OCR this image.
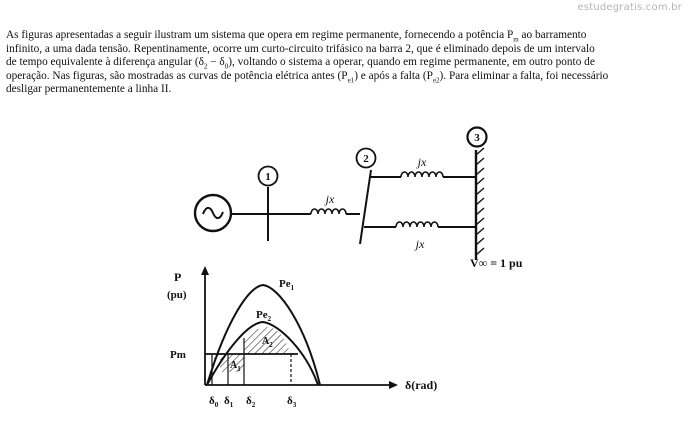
estudegratis.com.br
As figuras apresentadas a seguir ilustram um sistema que opera em regime permanente, fornecendo a potência $P_m$ ao barramento
infinito, a uma dada tensão. Repentinamente, ocorre um curto-circuito trifásico na barra 2, que é eliminado depois de um intervalo
de tempo equivalente à diferença angular $(\delta_2 - \delta_0)$, voltando o sistema a operar, quando em regime permanente, em outro ponto de
operação. Nas figuras, são mostradas as curvas de potência elétrica antes $(P_{e1})$ e após a falta $(P_{e2})$. Para eliminar a falta, foi necessário
desligar permanentemente a linha II.
1
2
3
jx
jx
jx
V∞ = 1 pu
P
(pu)
Pm
$Pe_1$
$Pe_2$
$A_1$
$A_2$
δ(rad)
$\delta_0$ $\delta_1$ $\delta_2$	$\delta_3$
